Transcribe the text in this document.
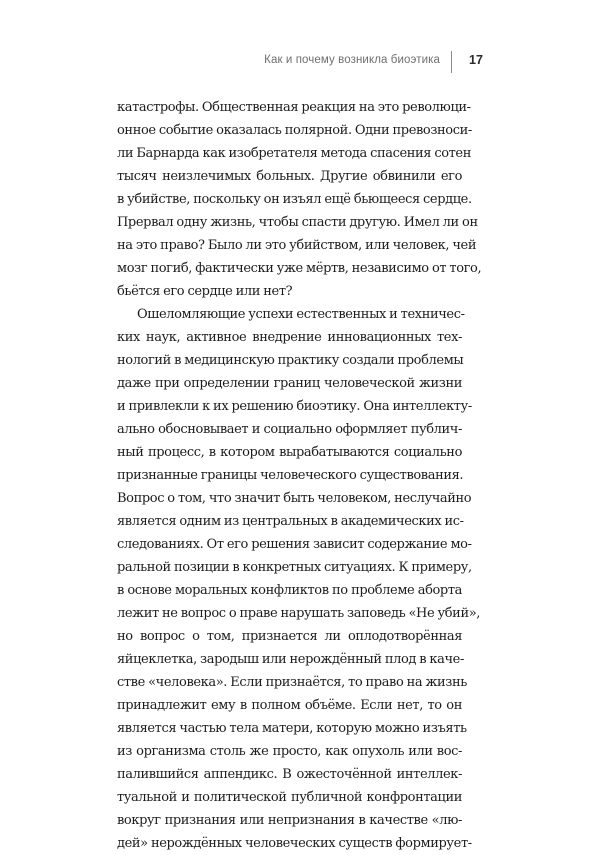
Как и почему возникла биоэтика 17
катастрофы. Общественная реакция на это революци-
онное событие оказалась полярной. Одни превозноси-
ли Барнарда как изобретателя метода спасения сотен
тысяч неизлечимых больных. Другие обвинили его
в убийстве, поскольку он изъял ещё бьющееся сердце.
Прервал одну жизнь, чтобы спасти другую. Имел ли он
на это право? Было ли это убийством, или человек, чей
мозг погиб, фактически уже мёртв, независимо от того,
бьётся его сердце или нет?
Ошеломляющие успехи естественных и техничес-
ких наук, активное внедрение инновационных тех-
нологий в медицинскую практику создали проблемы
даже при определении границ человеческой жизни
и привлекли к их решению биоэтику. Она интеллекту-
ально обосновывает и социально оформляет публич-
ный процесс, в котором вырабатываются социально
признанные границы человеческого существования.
Вопрос о том, что значит быть человеком, неслучайно
является одним из центральных в академических ис-
следованиях. От его решения зависит содержание мо-
ральной позиции в конкретных ситуациях. К примеру,
в основе моральных конфликтов по проблеме аборта
лежит не вопрос о праве нарушать заповедь «Не убий»,
но вопрос о том, признается ли оплодотворённая
яйцеклетка, зародыш или нерождённый плод в каче-
стве «человека». Если признаётся, то право на жизнь
принадлежит ему в полном объёме. Если нет, то он
является частью тела матери, которую можно изъять
из организма столь же просто, как опухоль или вос-
палившийся аппендикс. В ожесточённой интеллек-
туальной и политической публичной конфронтации
вокруг признания или непризнания в качестве «лю-
дей» нерождённых человеческих существ формирует-
